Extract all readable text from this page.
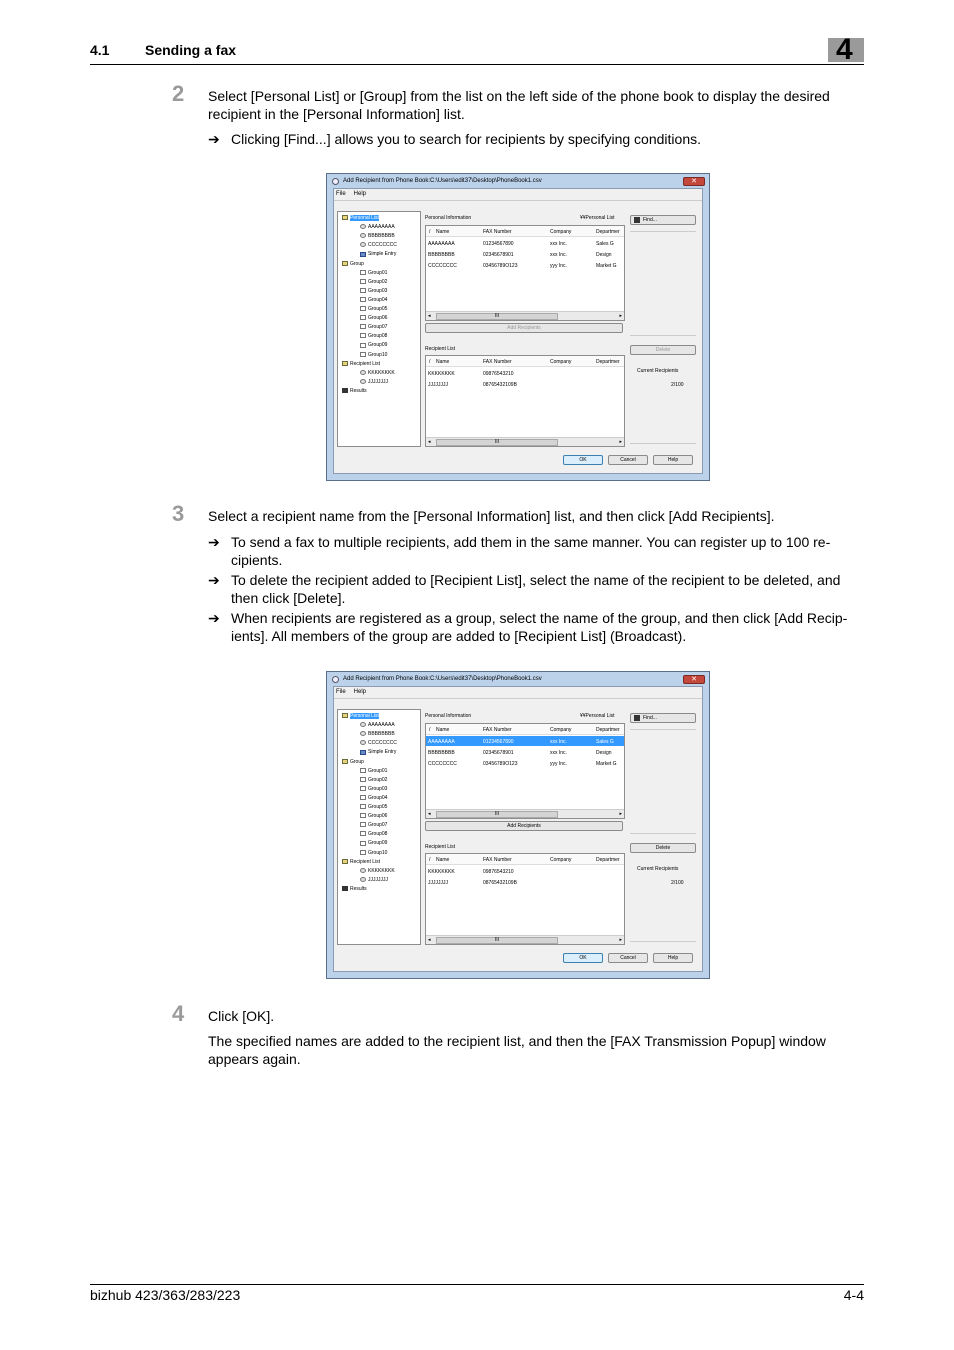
4.1	Sending a fax	4
2 Select [Personal List] or [Group] from the list on the left side of the phone book to display the desired recipient in the [Personal Information] list.
➔ Clicking [Find...] allows you to search for recipients by specifying conditions.
Add Recipient from Phone Book:C:\Users\edit37\Desktop\PhoneBook1.csv	✕
File Help
Personal List
AAAAAAAA
BBBBBBBB
CCCCCCCC
Simple Entry
Group
Group01
Group02
Group03
Group04
Group05
Group06
Group07
Group08
Group09
Group10
Recipient List
KKKKKKKK
JJJJJJJJ
Results
Personal Information	¥¥Personal List
/ Name	FAX Number	Company	Departmer
AAAAAAAA	01234567890	xxx Inc.	Sales G
BBBBBBBB	02345678901	xxx Inc.	Design
CCCCCCCC	03456789O123	yyy Inc.	Market G
◂	III	▸
Add Recipients
Recipient List
/ Name	FAX Number	Company	Departmer
KKKKKKKK	09876543210
JJJJJJJJ	08765432109B
◂	III	▸
Find...
Delete
Current Recipients
2/100
OK	Cancel	Help
3 Select a recipient name from the [Personal Information] list, and then click [Add Recipients].
➔ To send a fax to multiple recipients, add them in the same manner. You can register up to 100 re-cipients.
➔ To delete the recipient added to [Recipient List], select the name of the recipient to be deleted, and then click [Delete].
➔ When recipients are registered as a group, select the name of the group, and then click [Add Recip-ients]. All members of the group are added to [Recipient List] (Broadcast).
Add Recipient from Phone Book:C:\Users\edit37\Desktop\PhoneBook1.csv	✕
File Help
Personal List
AAAAAAAA
BBBBBBBB
CCCCCCCC
Simple Entry
Group
Group01
Group02
Group03
Group04
Group05
Group06
Group07
Group08
Group09
Group10
Recipient List
KKKKKKKK
JJJJJJJJ
Results
Personal Information	¥¥Personal List
/ Name	FAX Number	Company	Departmer
AAAAAAAA	01234567890	xxx Inc.	Sales G
BBBBBBBB	02345678901	xxx Inc.	Design
CCCCCCCC	03456789O123	yyy Inc.	Market G
◂	III	▸
Add Recipients
Recipient List
/ Name	FAX Number	Company	Departmer
KKKKKKKK	09876543210
JJJJJJJJ	08765432109B
◂	III	▸
Find...
Delete
Current Recipients
2/100
OK	Cancel	Help
4 Click [OK].
The specified names are added to the recipient list, and then the [FAX Transmission Popup] window appears again.
bizhub 423/363/283/223	4-4
